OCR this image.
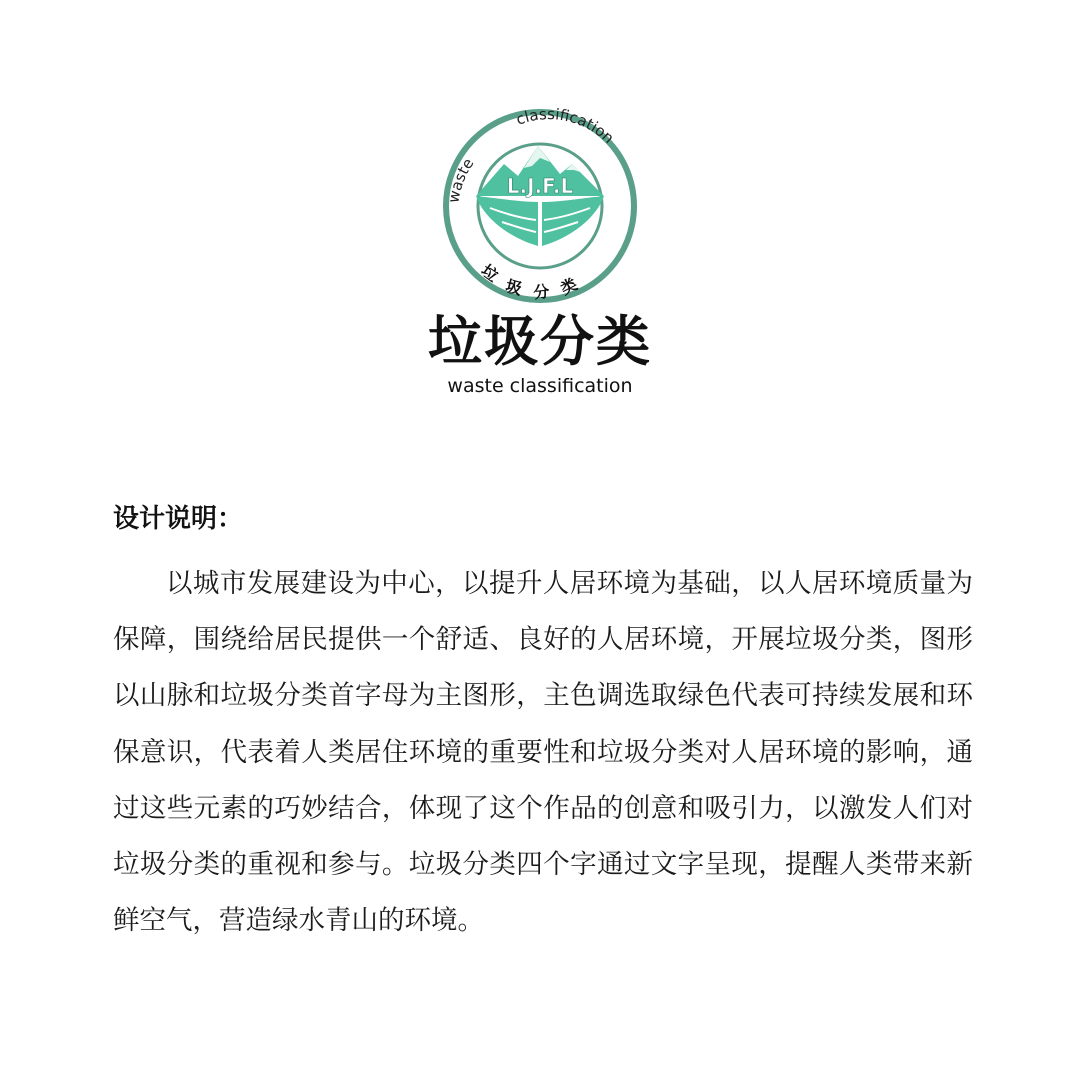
waste
classification
垃圾分类
L.J.F.L
垃圾分类
waste classification
设计说明：
以城市发展建设为中心，以提升人居环境为基础，以人居环境质量为保障，围绕给居民提供一个舒适、良好的人居环境，开展垃圾分类，图形以山脉和垃圾分类首字母为主图形，主色调选取绿色代表可持续发展和环保意识，代表着人类居住环境的重要性和垃圾分类对人居环境的影响，通过这些元素的巧妙结合，体现了这个作品的创意和吸引力，以激发人们对垃圾分类的重视和参与。垃圾分类四个字通过文字呈现，提醒人类带来新鲜空气，营造绿水青山的环境。
